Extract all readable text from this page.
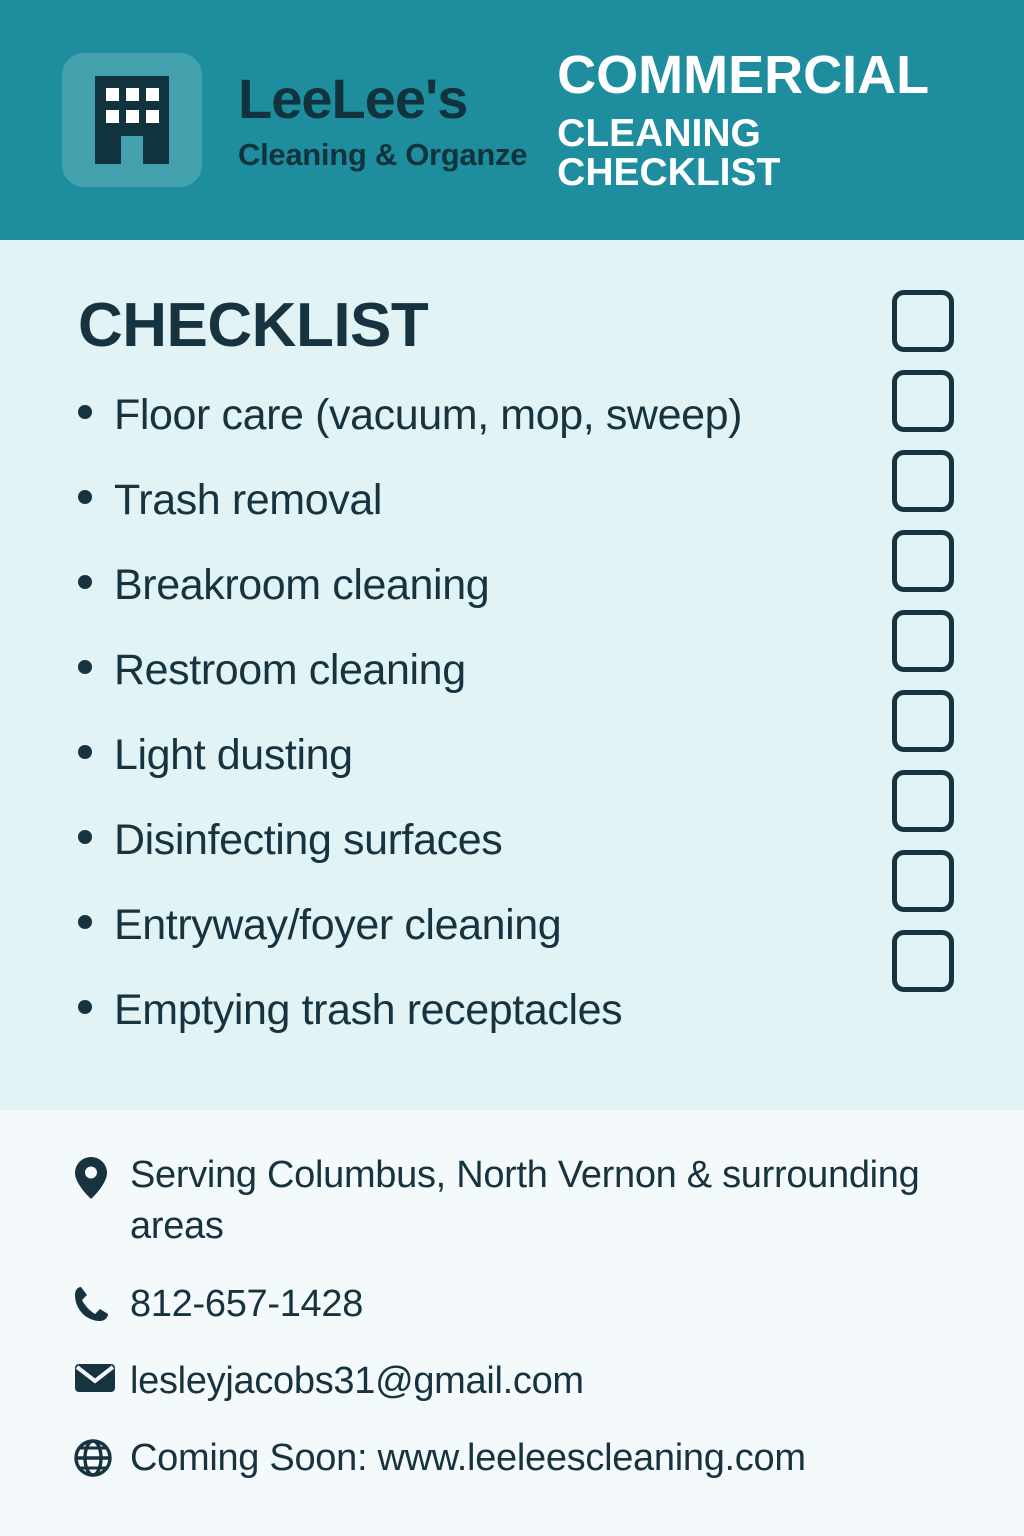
LeeLee's
Cleaning & Organze
COMMERCIAL
CLEANING CHECKLIST
CHECKLIST
Floor care (vacuum, mop, sweep)
Trash removal
Breakroom cleaning
Restroom cleaning
Light dusting
Disinfecting surfaces
Entryway/foyer cleaning
Emptying trash receptacles
Serving Columbus, North Vernon & surrounding areas
812-657-1428
lesleyjacobs31@gmail.com
Coming Soon: www.leeleescleaning.com
